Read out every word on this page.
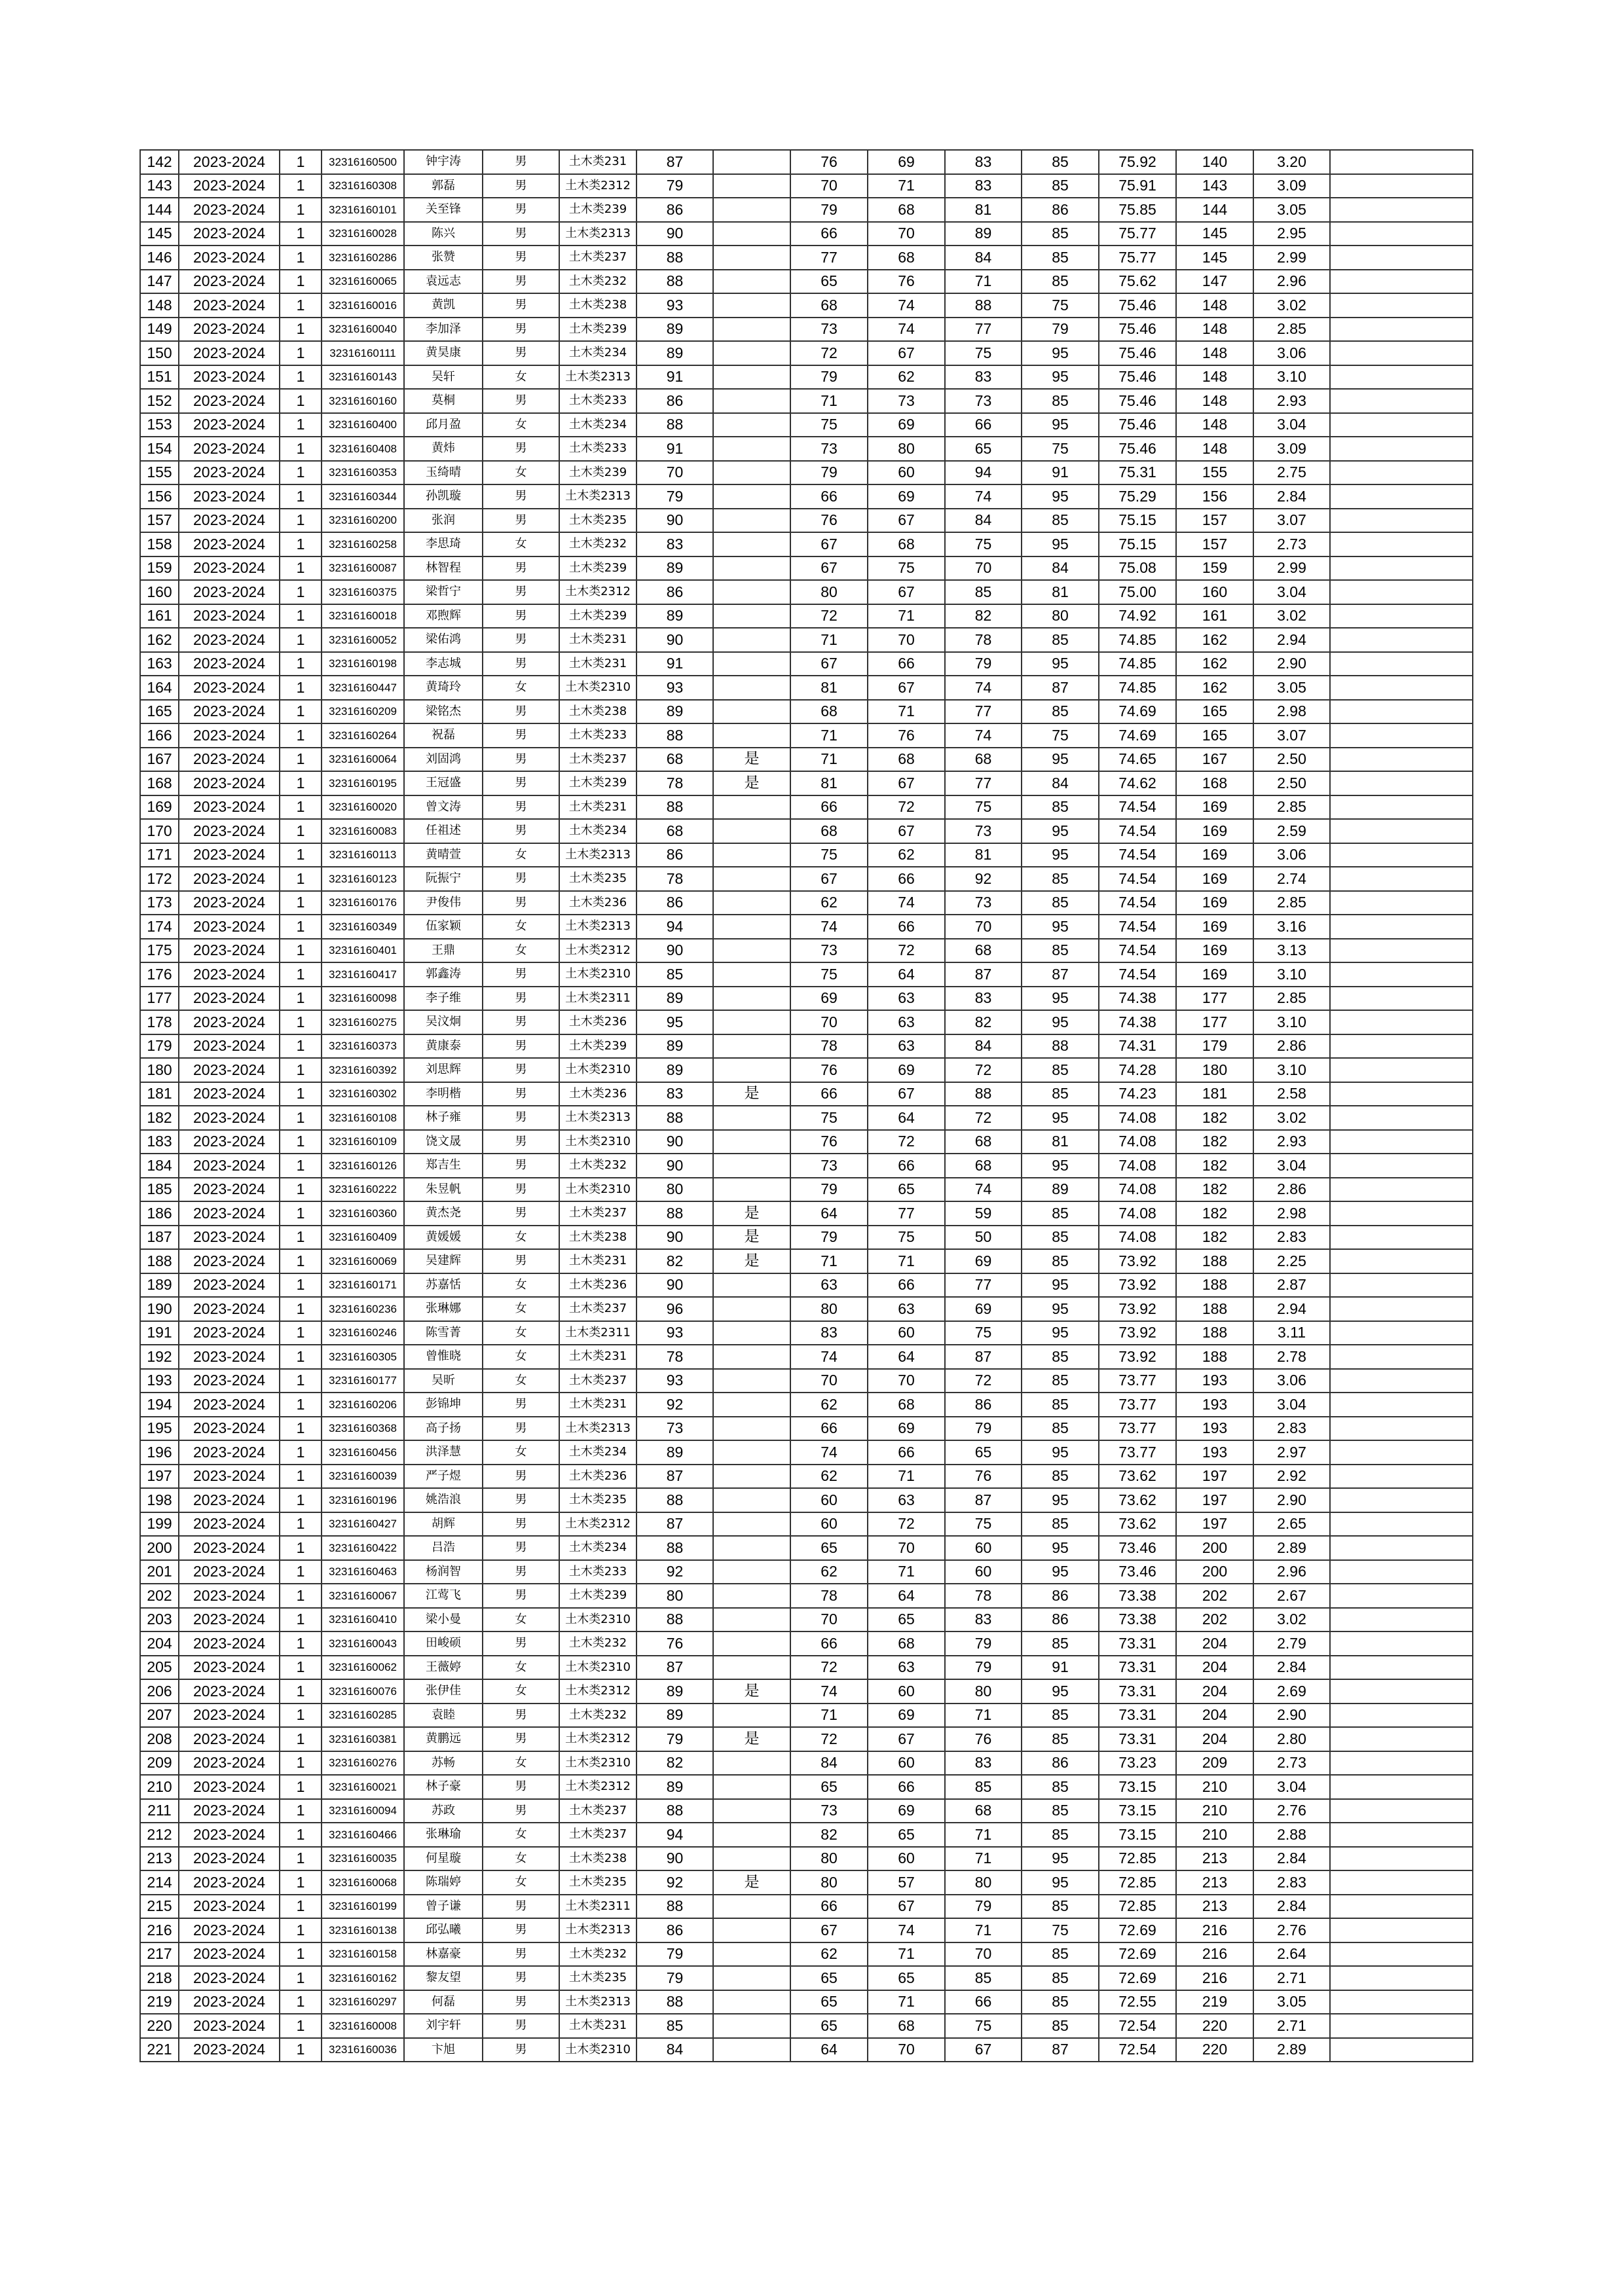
142	2023-2024	1	32316160500	钟宇涛	男	土木类231	87		76	69	83	85	75.92	140	3.20	
143	2023-2024	1	32316160308	郭磊	男	土木类2312	79		70	71	83	85	75.91	143	3.09	
144	2023-2024	1	32316160101	关至锋	男	土木类239	86		79	68	81	86	75.85	144	3.05	
145	2023-2024	1	32316160028	陈兴	男	土木类2313	90		66	70	89	85	75.77	145	2.95	
146	2023-2024	1	32316160286	张赞	男	土木类237	88		77	68	84	85	75.77	145	2.99	
147	2023-2024	1	32316160065	袁远志	男	土木类232	88		65	76	71	85	75.62	147	2.96	
148	2023-2024	1	32316160016	黄凯	男	土木类238	93		68	74	88	75	75.46	148	3.02	
149	2023-2024	1	32316160040	李加泽	男	土木类239	89		73	74	77	79	75.46	148	2.85	
150	2023-2024	1	32316160111	黄昊康	男	土木类234	89		72	67	75	95	75.46	148	3.06	
151	2023-2024	1	32316160143	吴轩	女	土木类2313	91		79	62	83	95	75.46	148	3.10	
152	2023-2024	1	32316160160	莫桐	男	土木类233	86		71	73	73	85	75.46	148	2.93	
153	2023-2024	1	32316160400	邱月盈	女	土木类234	88		75	69	66	95	75.46	148	3.04	
154	2023-2024	1	32316160408	黄炜	男	土木类233	91		73	80	65	75	75.46	148	3.09	
155	2023-2024	1	32316160353	玉绮晴	女	土木类239	70		79	60	94	91	75.31	155	2.75	
156	2023-2024	1	32316160344	孙凯璇	男	土木类2313	79		66	69	74	95	75.29	156	2.84	
157	2023-2024	1	32316160200	张润	男	土木类235	90		76	67	84	85	75.15	157	3.07	
158	2023-2024	1	32316160258	李思琦	女	土木类232	83		67	68	75	95	75.15	157	2.73	
159	2023-2024	1	32316160087	林智程	男	土木类239	89		67	75	70	84	75.08	159	2.99	
160	2023-2024	1	32316160375	梁哲宁	男	土木类2312	86		80	67	85	81	75.00	160	3.04	
161	2023-2024	1	32316160018	邓煦辉	男	土木类239	89		72	71	82	80	74.92	161	3.02	
162	2023-2024	1	32316160052	梁佑鸿	男	土木类231	90		71	70	78	85	74.85	162	2.94	
163	2023-2024	1	32316160198	李志城	男	土木类231	91		67	66	79	95	74.85	162	2.90	
164	2023-2024	1	32316160447	黄琦玲	女	土木类2310	93		81	67	74	87	74.85	162	3.05	
165	2023-2024	1	32316160209	梁铭杰	男	土木类238	89		68	71	77	85	74.69	165	2.98	
166	2023-2024	1	32316160264	祝磊	男	土木类233	88		71	76	74	75	74.69	165	3.07	
167	2023-2024	1	32316160064	刘固鸿	男	土木类237	68	是	71	68	68	95	74.65	167	2.50	
168	2023-2024	1	32316160195	王冠盛	男	土木类239	78	是	81	67	77	84	74.62	168	2.50	
169	2023-2024	1	32316160020	曾文涛	男	土木类231	88		66	72	75	85	74.54	169	2.85	
170	2023-2024	1	32316160083	任祖述	男	土木类234	68		68	67	73	95	74.54	169	2.59	
171	2023-2024	1	32316160113	黄晴萱	女	土木类2313	86		75	62	81	95	74.54	169	3.06	
172	2023-2024	1	32316160123	阮振宁	男	土木类235	78		67	66	92	85	74.54	169	2.74	
173	2023-2024	1	32316160176	尹俊伟	男	土木类236	86		62	74	73	85	74.54	169	2.85	
174	2023-2024	1	32316160349	伍家颖	女	土木类2313	94		74	66	70	95	74.54	169	3.16	
175	2023-2024	1	32316160401	王鼎	女	土木类2312	90		73	72	68	85	74.54	169	3.13	
176	2023-2024	1	32316160417	郭鑫涛	男	土木类2310	85		75	64	87	87	74.54	169	3.10	
177	2023-2024	1	32316160098	李子维	男	土木类2311	89		69	63	83	95	74.38	177	2.85	
178	2023-2024	1	32316160275	吴汶炯	男	土木类236	95		70	63	82	95	74.38	177	3.10	
179	2023-2024	1	32316160373	黄康泰	男	土木类239	89		78	63	84	88	74.31	179	2.86	
180	2023-2024	1	32316160392	刘思辉	男	土木类2310	89		76	69	72	85	74.28	180	3.10	
181	2023-2024	1	32316160302	李明楷	男	土木类236	83	是	66	67	88	85	74.23	181	2.58	
182	2023-2024	1	32316160108	林子雍	男	土木类2313	88		75	64	72	95	74.08	182	3.02	
183	2023-2024	1	32316160109	饶文晟	男	土木类2310	90		76	72	68	81	74.08	182	2.93	
184	2023-2024	1	32316160126	郑吉生	男	土木类232	90		73	66	68	95	74.08	182	3.04	
185	2023-2024	1	32316160222	朱昱帆	男	土木类2310	80		79	65	74	89	74.08	182	2.86	
186	2023-2024	1	32316160360	黄杰尧	男	土木类237	88	是	64	77	59	85	74.08	182	2.98	
187	2023-2024	1	32316160409	黄媛媛	女	土木类238	90	是	79	75	50	85	74.08	182	2.83	
188	2023-2024	1	32316160069	吴建辉	男	土木类231	82	是	71	71	69	85	73.92	188	2.25	
189	2023-2024	1	32316160171	苏嘉恬	女	土木类236	90		63	66	77	95	73.92	188	2.87	
190	2023-2024	1	32316160236	张琳娜	女	土木类237	96		80	63	69	95	73.92	188	2.94	
191	2023-2024	1	32316160246	陈雪菁	女	土木类2311	93		83	60	75	95	73.92	188	3.11	
192	2023-2024	1	32316160305	曾惟晓	女	土木类231	78		74	64	87	85	73.92	188	2.78	
193	2023-2024	1	32316160177	吴昕	女	土木类237	93		70	70	72	85	73.77	193	3.06	
194	2023-2024	1	32316160206	彭锦坤	男	土木类231	92		62	68	86	85	73.77	193	3.04	
195	2023-2024	1	32316160368	高子扬	男	土木类2313	73		66	69	79	85	73.77	193	2.83	
196	2023-2024	1	32316160456	洪泽慧	女	土木类234	89		74	66	65	95	73.77	193	2.97	
197	2023-2024	1	32316160039	严子煜	男	土木类236	87		62	71	76	85	73.62	197	2.92	
198	2023-2024	1	32316160196	姚浩浪	男	土木类235	88		60	63	87	95	73.62	197	2.90	
199	2023-2024	1	32316160427	胡辉	男	土木类2312	87		60	72	75	85	73.62	197	2.65	
200	2023-2024	1	32316160422	吕浩	男	土木类234	88		65	70	60	95	73.46	200	2.89	
201	2023-2024	1	32316160463	杨润智	男	土木类233	92		62	71	60	95	73.46	200	2.96	
202	2023-2024	1	32316160067	江莺飞	男	土木类239	80		78	64	78	86	73.38	202	2.67	
203	2023-2024	1	32316160410	梁小曼	女	土木类2310	88		70	65	83	86	73.38	202	3.02	
204	2023-2024	1	32316160043	田峻硕	男	土木类232	76		66	68	79	85	73.31	204	2.79	
205	2023-2024	1	32316160062	王薇婷	女	土木类2310	87		72	63	79	91	73.31	204	2.84	
206	2023-2024	1	32316160076	张伊佳	女	土木类2312	89	是	74	60	80	95	73.31	204	2.69	
207	2023-2024	1	32316160285	袁睦	男	土木类232	89		71	69	71	85	73.31	204	2.90	
208	2023-2024	1	32316160381	黄鹏远	男	土木类2312	79	是	72	67	76	85	73.31	204	2.80	
209	2023-2024	1	32316160276	苏畅	女	土木类2310	82		84	60	83	86	73.23	209	2.73	
210	2023-2024	1	32316160021	林子豪	男	土木类2312	89		65	66	85	85	73.15	210	3.04	
211	2023-2024	1	32316160094	苏政	男	土木类237	88		73	69	68	85	73.15	210	2.76	
212	2023-2024	1	32316160466	张琳瑜	女	土木类237	94		82	65	71	85	73.15	210	2.88	
213	2023-2024	1	32316160035	何星璇	女	土木类238	90		80	60	71	95	72.85	213	2.84	
214	2023-2024	1	32316160068	陈瑞婷	女	土木类235	92	是	80	57	80	95	72.85	213	2.83	
215	2023-2024	1	32316160199	曾子谦	男	土木类2311	88		66	67	79	85	72.85	213	2.84	
216	2023-2024	1	32316160138	邱弘曦	男	土木类2313	86		67	74	71	75	72.69	216	2.76	
217	2023-2024	1	32316160158	林嘉豪	男	土木类232	79		62	71	70	85	72.69	216	2.64	
218	2023-2024	1	32316160162	黎友望	男	土木类235	79		65	65	85	85	72.69	216	2.71	
219	2023-2024	1	32316160297	何磊	男	土木类2313	88		65	71	66	85	72.55	219	3.05	
220	2023-2024	1	32316160008	刘宇轩	男	土木类231	85		65	68	75	85	72.54	220	2.71	
221	2023-2024	1	32316160036	卞旭	男	土木类2310	84		64	70	67	87	72.54	220	2.89	
